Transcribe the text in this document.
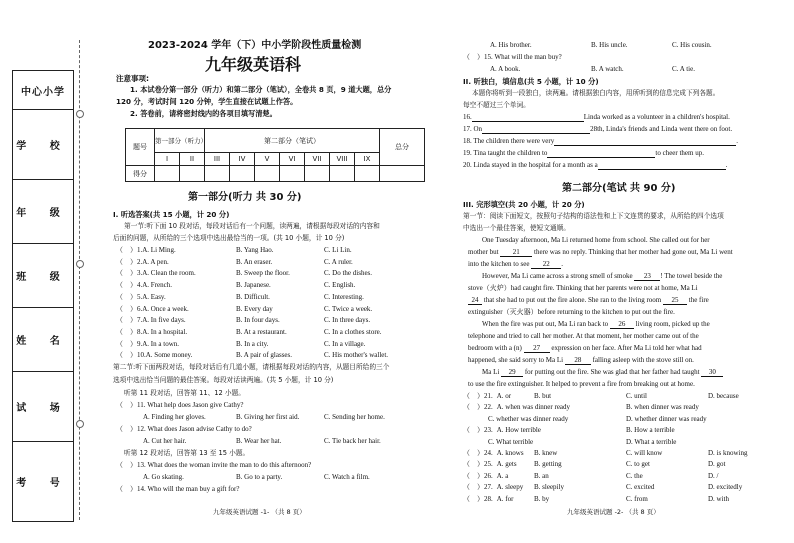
中心小学
学 校
年 级
班 级
姓 名
试 场
考 号
2023-2024 学年（下）中小学阶段性质量检测
九年级英语科
注意事项:
1. 本试卷分第一部分（听力）和第二部分（笔试），全卷共 8 页，9 道大题，总分
120 分，考试时间 120 分钟，学生直接在试题上作答。
2. 答卷前，请将密封线内的各项目填写清楚。
题号	第一部分（听力）		第二部分（笔试）							总分
	I	II	III	IV	V	VI	VII	VIII	IX	
得分										
第一部分(听力 共 30 分)
I. 听选答案(共 15 小题，计 20 分)
第一节:听下面 10 段对话，每段对话后有一个问题，读两遍，请根据每段对话的内容和
后面的问题，从所给的三个选项中选出最恰当的一项。(共 10 小题，计 10 分)
（　）1.A. Li Ming.	B. Yang Hao.	C. Li Lin.
（　）2.A. A pen.	B. An eraser.	C. A ruler.
（　）3.A. Clean the room.	B. Sweep the floor.	C. Do the dishes.
（　）4.A. French.	B. Japanese.	C. English.
（　）5.A. Easy.	B. Difficult.	C. Interesting.
（　）6.A. Once a week.	B. Every day	C. Twice a week.
（　）7.A. In five days.	B. In four days.	C. In three days.
（　）8.A. In a hospital.	B. At a restaurant.	C. In a clothes store.
（　）9.A. In a town.	B. In a city.	C. In a village.
（　）10.A. Some money.	B. A pair of glasses.	C. His mother's wallet.
第二节:听下面两段对话，每段对话后有几道小题，请根据每段对话的内容，从题目所给的三个
选项中选出恰当问题的最佳答案。每段对话读两遍。(共 5 小题，计 10 分)
听第 11 段对话，回答第 11、12 小题。
（　）11. What help does Jason give Cathy?
A. Finding her gloves.	B. Giving her first aid.	C. Sending her home.
（　）12. What does Jason advise Cathy to do?
A. Cut her hair.	B. Wear her hat.	C. Tie back her hair.
听第 12 段对话，回答第 13 至 15 小题。
（　）13. What does the woman invite the man to do this afternoon?
A. Go skating.	B. Go to a party.	C. Watch a film.
（　）14. Who will the man buy a gift for?
九年级英语试题 -1- （共 8 页）
A. His brother.	B. His uncle.	C. His cousin.
（　）15. What will the man buy?
A. A book.	B. A watch.	C. A tie.
II. 听独白，填信息(共 5 小题，计 10 分)
本题你将听到一段独白，读两遍。请根据独白内容，用所听到的信息完成下列各题。
每空不超过三个单词。
16.	Linda worked as a volunteer in a children's hospital.
17. On	28th, Linda's friends and Linda went there on foot.
18. The children there were very	.
19. Tina taught the children to	to cheer them up.
20. Linda stayed in the hospital for a month as a	.
第二部分(笔试 共 90 分)
III. 完形填空(共 20 小题，计 20 分)
第一节：阅读下面短文，按照句子结构的语法性和上下文连贯的要求，从所给的四个选项
中选出一个最佳答案，使短文通顺。
One Tuesday afternoon, Ma Li returned home from school. She called out for her
mother but 21 there was no reply. Thinking that her mother had gone out, Ma Li went
into the kitchen to see 22 .
However, Ma Li came across a strong smell of smoke 23 ! The towel beside the
stove（火炉）had caught fire. Thinking that her parents were not at home, Ma Li
24 that she had to put out the fire alone. She ran to the living room 25 the fire
extinguisher（灭火器）before returning to the kitchen to put out the fire.
When the fire was put out, Ma Li ran back to 26 living room, picked up the
telephone and tried to call her mother. At that moment, her mother came out of the
bedroom with a (n) 27 expression on her face. After Ma Li told her what had
happened, she said sorry to Ma Li 28 falling asleep with the stove still on.
Ma Li 29 for putting out the fire. She was glad that her father had taught 30
to use the fire extinguisher. It helped to prevent a fire from breaking out at home.
（　）21. A. or	B. but	C. until	D. because
（　）22. A. when was dinner ready	B. when dinner was ready
C. whether was dinner ready	D. whether dinner was ready
（　）23. A. How terrible	B. How a terrible
C. What terrible	D. What a terrible
（　）24. A. knows B. knew	C. will know	D. is knowing
（　）25. A. gets B. getting	C. to get	D. got
（　）26. A. a	B. an	C. the	D. /
（　）27. A. sleepy B. sleepily	C. excited	D. excitedly
（　）28. A. for	B. by	C. from	D. with
九年级英语试题 -2- （共 8 页）
